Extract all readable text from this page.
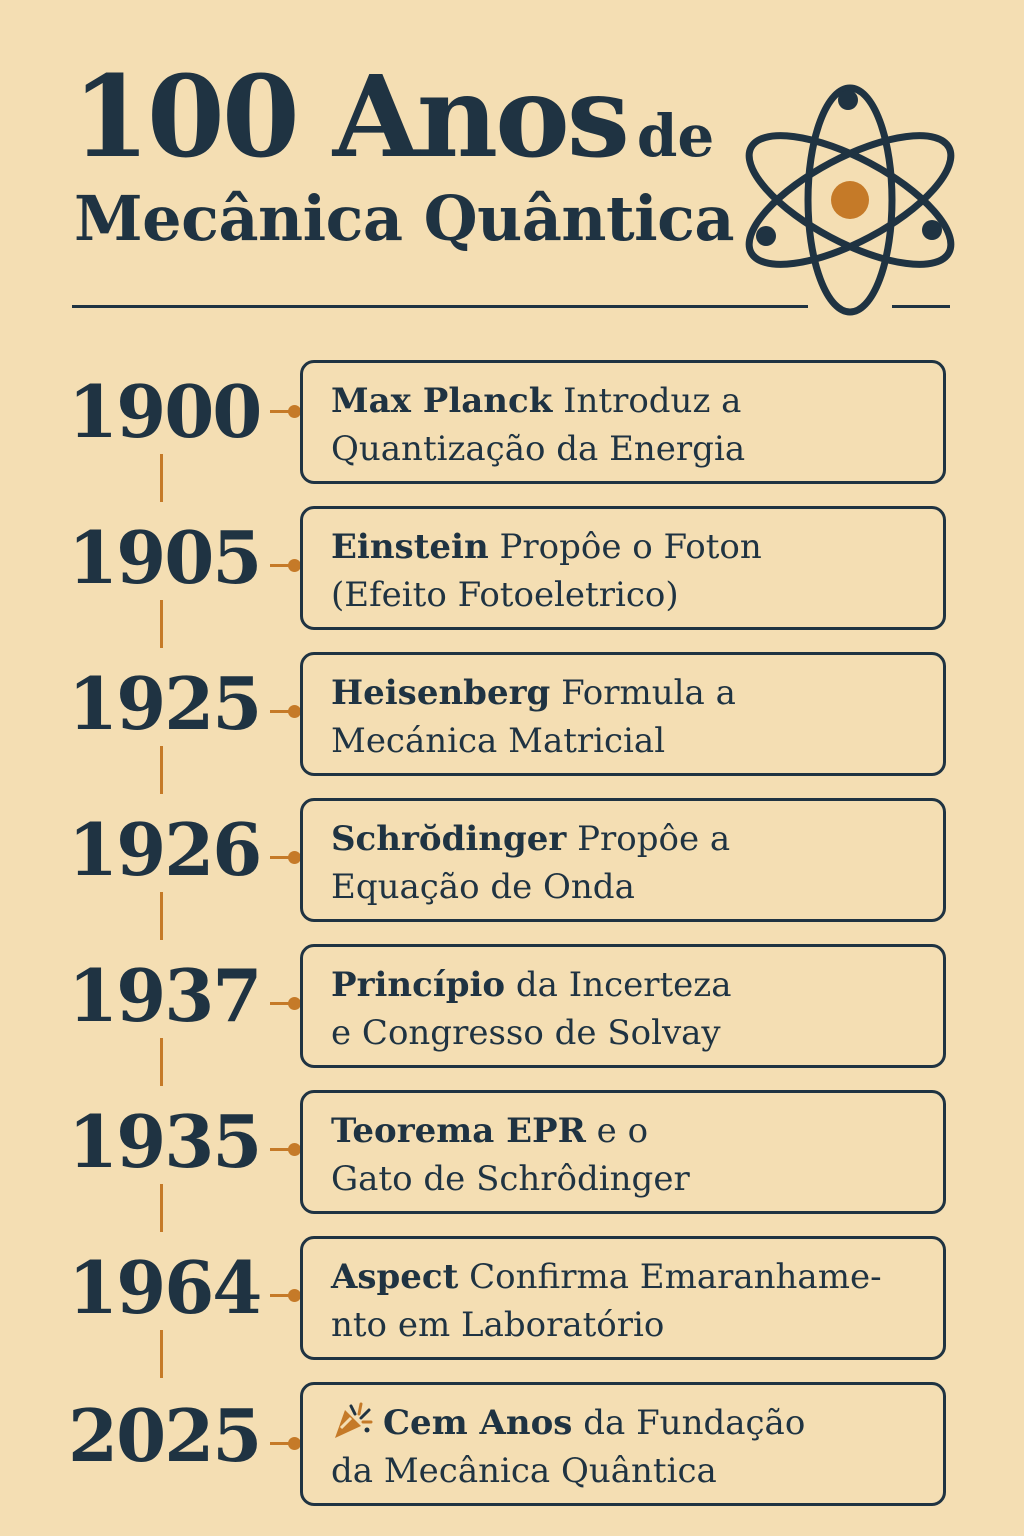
100 Anos de
Mecânica Quântica
1900 Max Planck Introduz a
Quantização da Energia
1905 Einstein Propôe o Foton
(Efeito Fotoeletrico)
1925 Heisenberg Formula a
Mecánica Matricial
1926 Schrŏdinger Propôe a
Equação de Onda
1937 Princípio da Incerteza
e Congresso de Solvay
1935 Teorema EPR e o
Gato de Schrôdinger
1964 Aspect Confirma Emaranhame-
nto em Laboratório
2025	Cem Anos da Fundação
da Mecânica Quântica
